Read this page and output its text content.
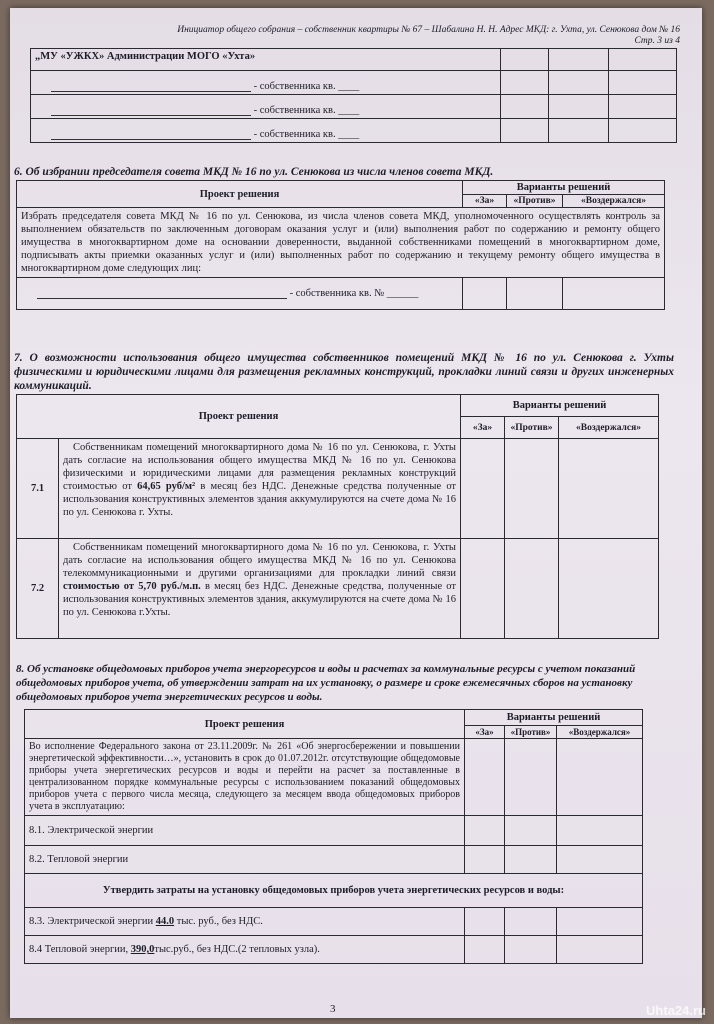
Инициатор общего собрания – собственник квартиры № 67 – Шабалина Н. Н. Адрес МКД: г. Ухта, ул. Сенюкова дом № 16
Стр. 3 из 4
„МУ «УЖКХ» Администрации МОГО «Ухта»			
- собственника кв. ____			
- собственника кв. ____			
- собственника кв. ____			
6. Об избрании председателя совета МКД № 16 по ул. Сенюкова из числа членов совета МКД.
Проект решения	Варианты решений		
	«За»	«Против»	«Воздержался»
Избрать председателя совета МКД № 16 по ул. Сенюкова, из числа членов совета МКД, уполномоченного осуществлять контроль за выполнением обязательств по заключенным договорам оказания услуг и (или) выполнения работ по содержанию и ремонту общего имущества в многоквартирном доме на основании доверенности, выданной собственниками помещений в многоквартирном доме, подписывать акты приемки оказанных услуг и (или) выполненных работ по содержанию и текущему ремонту общего имущества в многоквартирном доме следующих лиц:			
- собственника кв. № ______			
7. О возможности использования общего имущества собственников помещений МКД № 16 по ул. Сенюкова г. Ухты физическими и юридическими лицами для размещения рекламных конструкций, прокладки линий связи и других инженерных коммуникаций.
Проект решения		Варианты решений		
		«За»	«Против»	«Воздержался»
7.1	Собственникам помещений многоквартирного дома № 16 по ул. Сенюкова, г. Ухты дать согласие на использования общего имущества МКД № 16 по ул. Сенюкова физическими и юридическими лицами для размещения рекламных конструкций стоимостью от 64,65 руб/м² в месяц без НДС. Денежные средства полученные от использования конструктивных элементов здания аккумулируются на счете дома № 16 по ул. Сенюкова г. Ухты.			
7.2	Собственникам помещений многоквартирного дома № 16 по ул. Сенюкова, г. Ухты дать согласие на использования общего имущества МКД № 16 по ул. Сенюкова телекоммуникационными и другими организациями для прокладки линий связи стоимостью от 5,70 руб./м.п. в месяц без НДС. Денежные средства, полученные от использования конструктивных элементов здания, аккумулируются на счете дома № 16 по ул. Сенюкова г.Ухты.			
8. Об установке общедомовых приборов учета энергоресурсов и воды и расчетах за коммунальные ресурсы с учетом показаний общедомовых приборов учета, об утверждении затрат на их установку, о размере и сроке ежемесячных сборов на установку общедомовых приборов учета энергетических ресурсов и воды.
Проект решения	Варианты решений		
	«За»	«Против»	«Воздержался»
Во исполнение Федерального закона от 23.11.2009г. № 261 «Об энергосбережении и повышении энергетической эффективности…», установить в срок до 01.07.2012г. отсутствующие общедомовые приборы учета энергетических ресурсов и воды и перейти на расчет за поставленные в централизованном порядке коммунальные ресурсы с использованием показаний общедомовых приборов учета с первого числа месяца, следующего за месяцем ввода общедомовых приборов учета в эксплуатацию:			
8.1. Электрической энергии			
8.2. Тепловой энергии			
Утвердить затраты на установку общедомовых приборов учета энергетических ресурсов и воды:			
8.3. Электрической энергии 44.0 тыс. руб., без НДС.			
8.4 Тепловой энергии, 390,0тыс.руб., без НДС.(2 тепловых узла).			
3	Uhta24.ru
